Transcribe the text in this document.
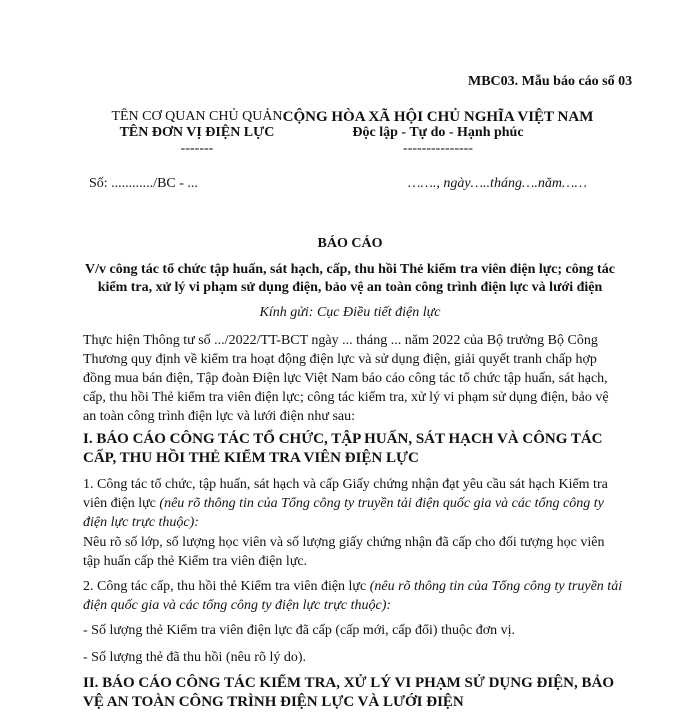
MBC03. Mẫu báo cáo số 03
TÊN CƠ QUAN CHỦ QUẢN
TÊN ĐƠN VỊ ĐIỆN LỰC
-------
CỘNG HÒA XÃ HỘI CHỦ NGHĨA VIỆT NAM
Độc lập - Tự do - Hạnh phúc
---------------
Số: ............/BC - ...	……., ngày…..tháng….năm……
BÁO CÁO
V/v công tác tổ chức tập huấn, sát hạch, cấp, thu hồi Thẻ kiểm tra viên điện lực; công tác
kiểm tra, xử lý vi phạm sử dụng điện, bảo vệ an toàn công trình điện lực và lưới điện
Kính gửi: Cục Điều tiết điện lực
Thực hiện Thông tư số .../2022/TT-BCT ngày ... tháng ... năm 2022 của Bộ trưởng Bộ Công Thương quy định về kiểm tra hoạt động điện lực và sử dụng điện, giải quyết tranh chấp hợp đồng mua bán điện, Tập đoàn Điện lực Việt Nam báo cáo công tác tổ chức tập huấn, sát hạch, cấp, thu hồi Thẻ kiểm tra viên điện lực; công tác kiểm tra, xử lý vi phạm sử dụng điện, bảo vệ an toàn công trình điện lực và lưới điện như sau:
I. BÁO CÁO CÔNG TÁC TỔ CHỨC, TẬP HUẤN, SÁT HẠCH VÀ CÔNG TÁC CẤP, THU HỒI THẺ KIỂM TRA VIÊN ĐIỆN LỰC
1. Công tác tổ chức, tập huấn, sát hạch và cấp Giấy chứng nhận đạt yêu cầu sát hạch Kiểm tra viên điện lực (nêu rõ thông tin của Tổng công ty truyền tải điện quốc gia và các tổng công ty điện lực trực thuộc):
Nêu rõ số lớp, số lượng học viên và số lượng giấy chứng nhận đã cấp cho đối tượng học viên tập huấn cấp thẻ Kiểm tra viên điện lực.
2. Công tác cấp, thu hồi thẻ Kiểm tra viên điện lực (nêu rõ thông tin của Tổng công ty truyền tải điện quốc gia và các tổng công ty điện lực trực thuộc):
- Số lượng thẻ Kiểm tra viên điện lực đã cấp (cấp mới, cấp đổi) thuộc đơn vị.
- Số lượng thẻ đã thu hồi (nêu rõ lý do).
II. BÁO CÁO CÔNG TÁC KIỂM TRA, XỬ LÝ VI PHẠM SỬ DỤNG ĐIỆN, BẢO VỆ AN TOÀN CÔNG TRÌNH ĐIỆN LỰC VÀ LƯỚI ĐIỆN
